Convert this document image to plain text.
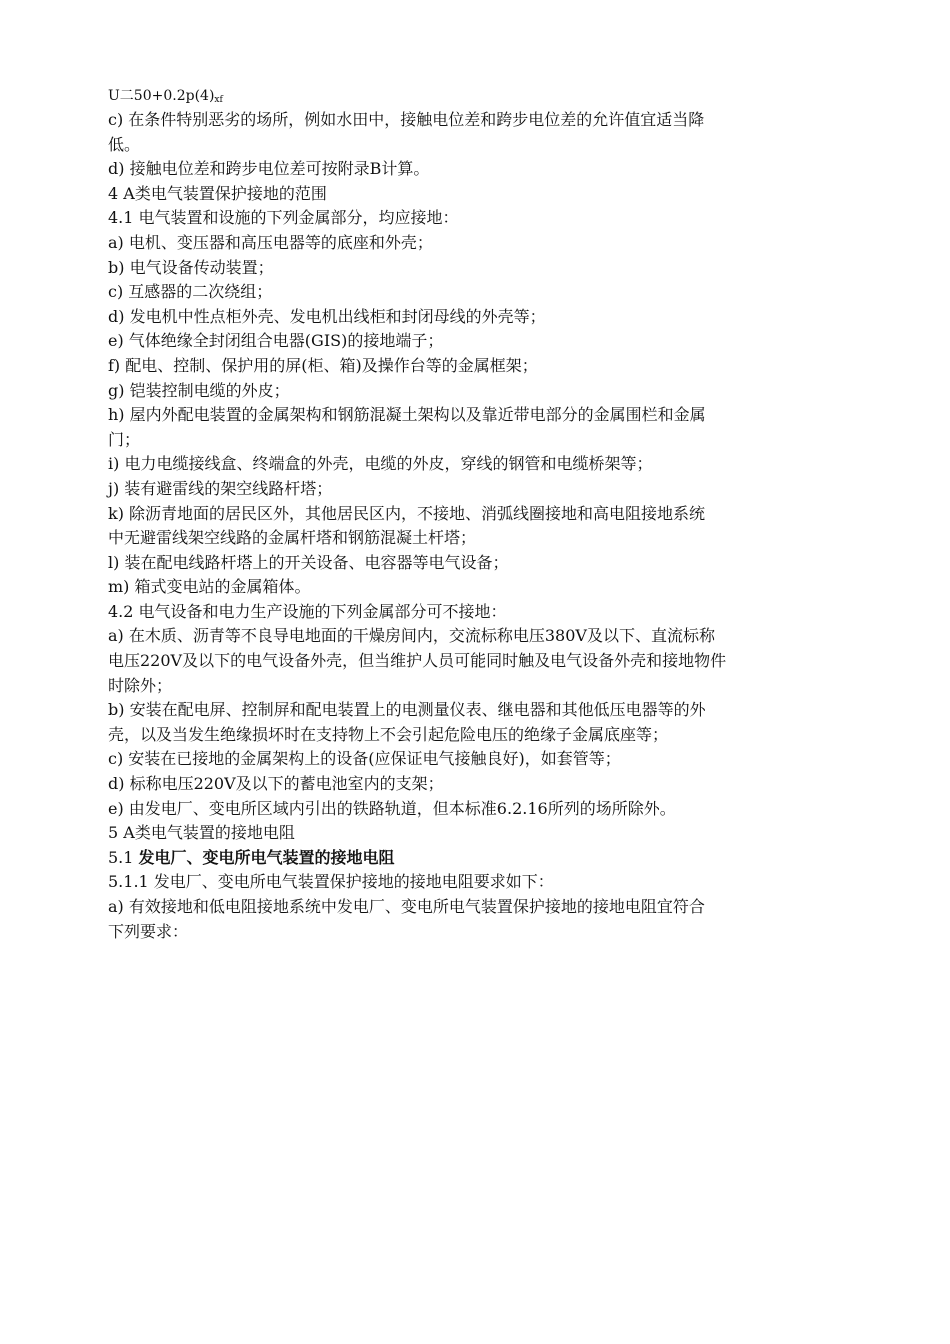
U二$50+0.2p(4)_{xf}$
c) 在条件特别恶劣的场所，例如水田中，接触电位差和跨步电位差的允许值宜适当降
低。
d) 接触电位差和跨步电位差可按附录B计算。
4 A类电气装置保护接地的范围
4.1 电气装置和设施的下列金属部分，均应接地：
a) 电机、变压器和高压电器等的底座和外壳；
b) 电气设备传动装置；
c) 互感器的二次绕组；
d) 发电机中性点柜外壳、发电机出线柜和封闭母线的外壳等；
e) 气体绝缘全封闭组合电器(GIS)的接地端子；
f) 配电、控制、保护用的屏(柜、箱)及操作台等的金属框架；
g) 铠装控制电缆的外皮；
h) 屋内外配电装置的金属架构和钢筋混凝土架构以及靠近带电部分的金属围栏和金属
门；
i) 电力电缆接线盒、终端盒的外壳，电缆的外皮，穿线的钢管和电缆桥架等；
j) 装有避雷线的架空线路杆塔；
k) 除沥青地面的居民区外，其他居民区内，不接地、消弧线圈接地和高电阻接地系统
中无避雷线架空线路的金属杆塔和钢筋混凝土杆塔；
l) 装在配电线路杆塔上的开关设备、电容器等电气设备；
m) 箱式变电站的金属箱体。
4.2 电气设备和电力生产设施的下列金属部分可不接地：
a) 在木质、沥青等不良导电地面的干燥房间内，交流标称电压380V及以下、直流标称
电压220V及以下的电气设备外壳，但当维护人员可能同时触及电气设备外壳和接地物件
时除外；
b) 安装在配电屏、控制屏和配电装置上的电测量仪表、继电器和其他低压电器等的外
壳，以及当发生绝缘损坏时在支持物上不会引起危险电压的绝缘子金属底座等；
c) 安装在已接地的金属架构上的设备(应保证电气接触良好)，如套管等；
d) 标称电压220V及以下的蓄电池室内的支架；
e) 由发电厂、变电所区域内引出的铁路轨道，但本标准6.2.16所列的场所除外。
5 A类电气装置的接地电阻
5.1 发电厂、变电所电气装置的接地电阻
5.1.1 发电厂、变电所电气装置保护接地的接地电阻要求如下：
a) 有效接地和低电阻接地系统中发电厂、变电所电气装置保护接地的接地电阻宜符合
下列要求：
